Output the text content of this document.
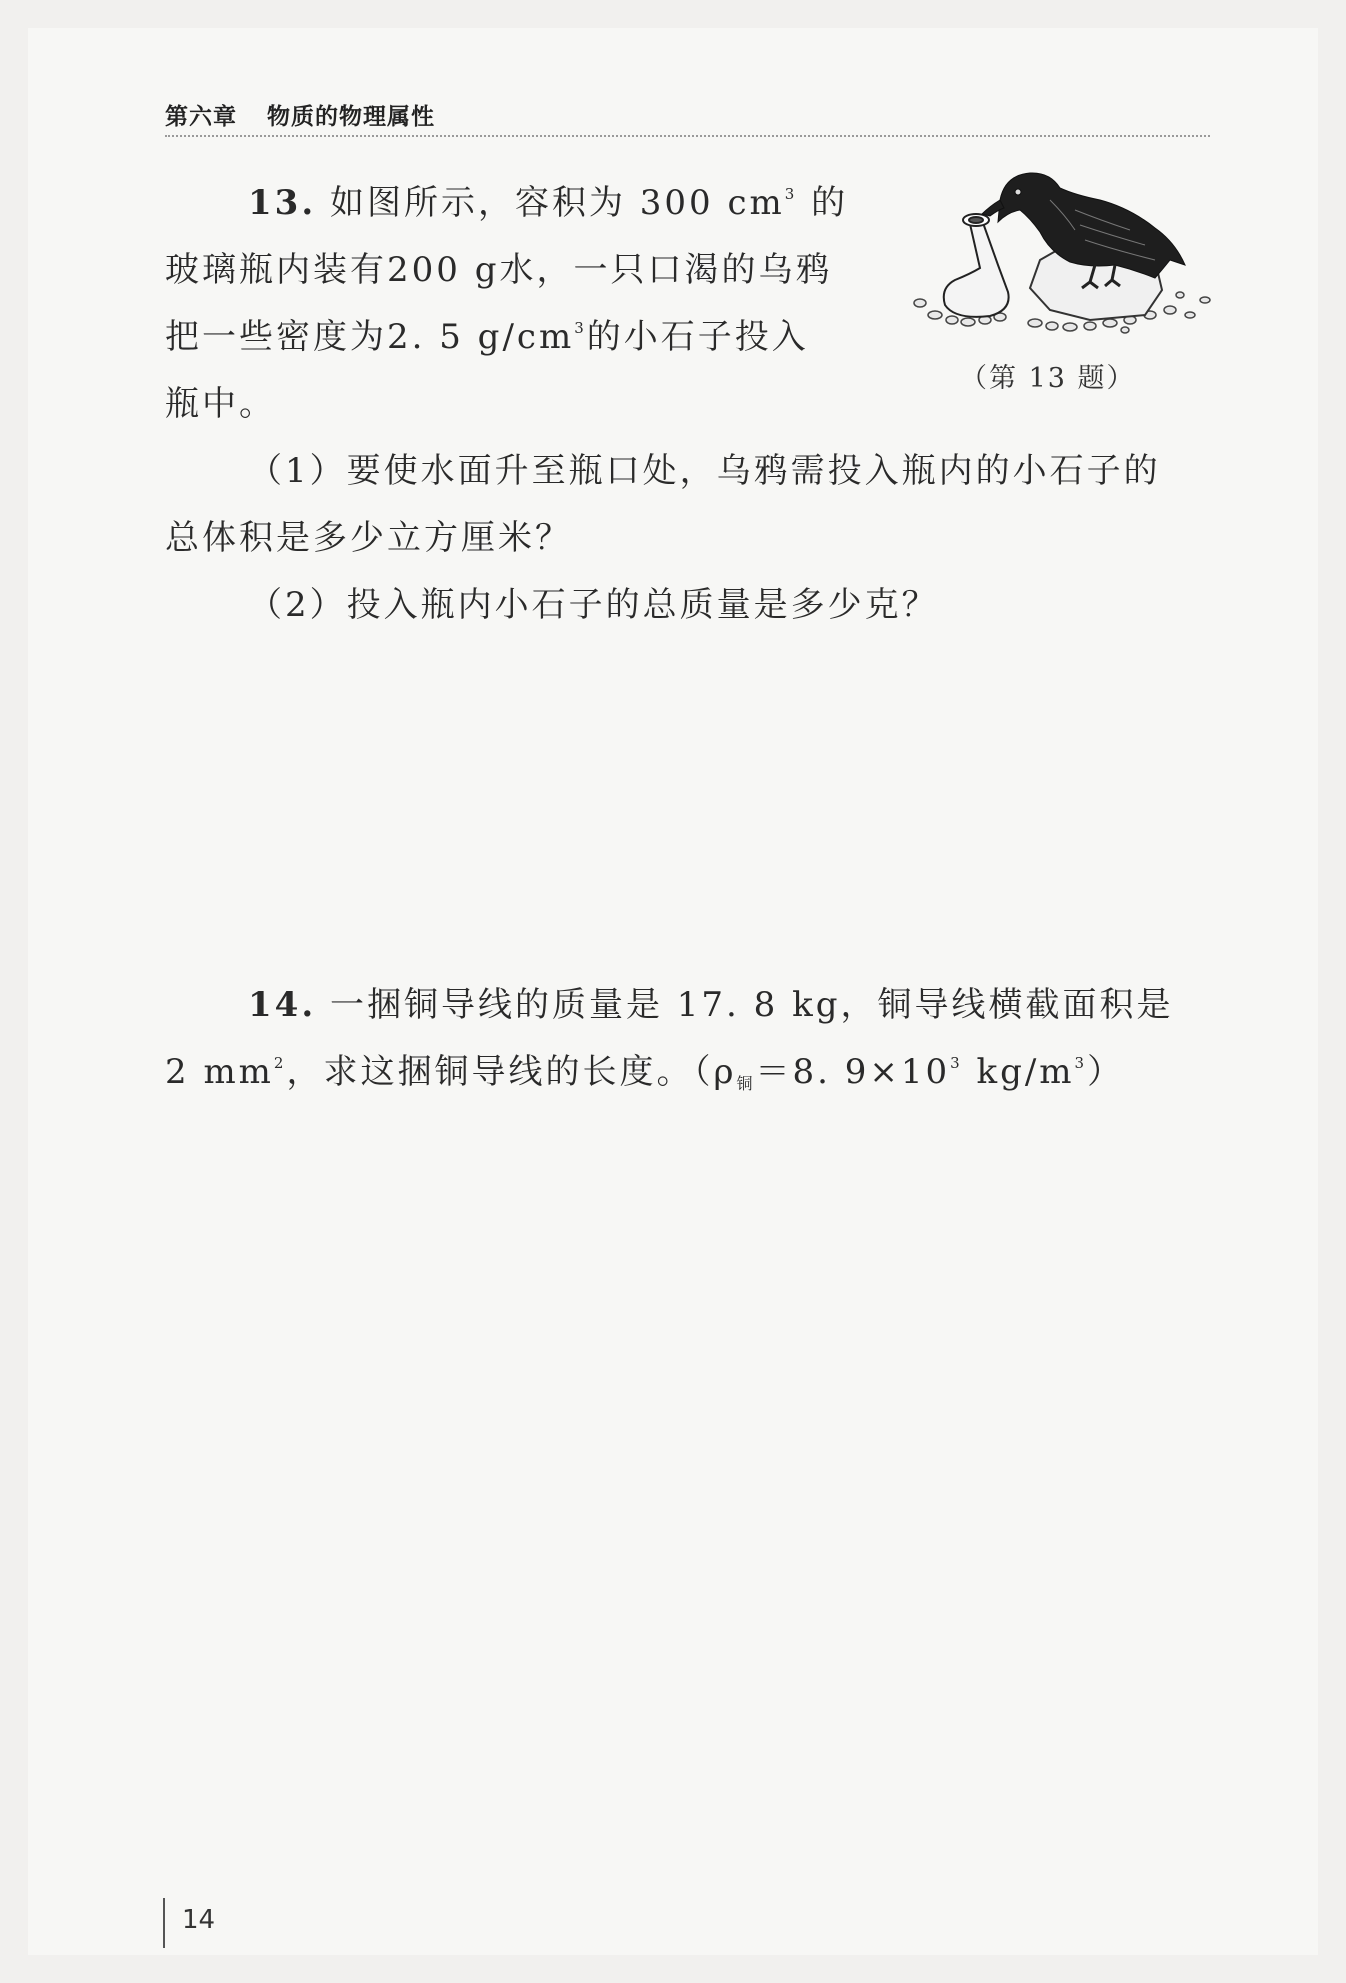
第六章 物质的物理属性

13. 如图所示，容积为 300 $cm^3$ 的

玻璃瓶内装有200 g水，一只口渴的乌鸦

把一些密度为2. 5 $g/cm^3$的小石子投入

瓶中。

（第 13 题）

（1）要使水面升至瓶口处，乌鸦需投入瓶内的小石子的

总体积是多少立方厘米？

（2）投入瓶内小石子的总质量是多少克？

14. 一捆铜导线的质量是 17. 8 kg，铜导线横截面积是

2 $mm^2$，求这捆铜导线的长度。（$\rho_铜=8$. $9\times 10^3$ $kg/m^3$）

14
